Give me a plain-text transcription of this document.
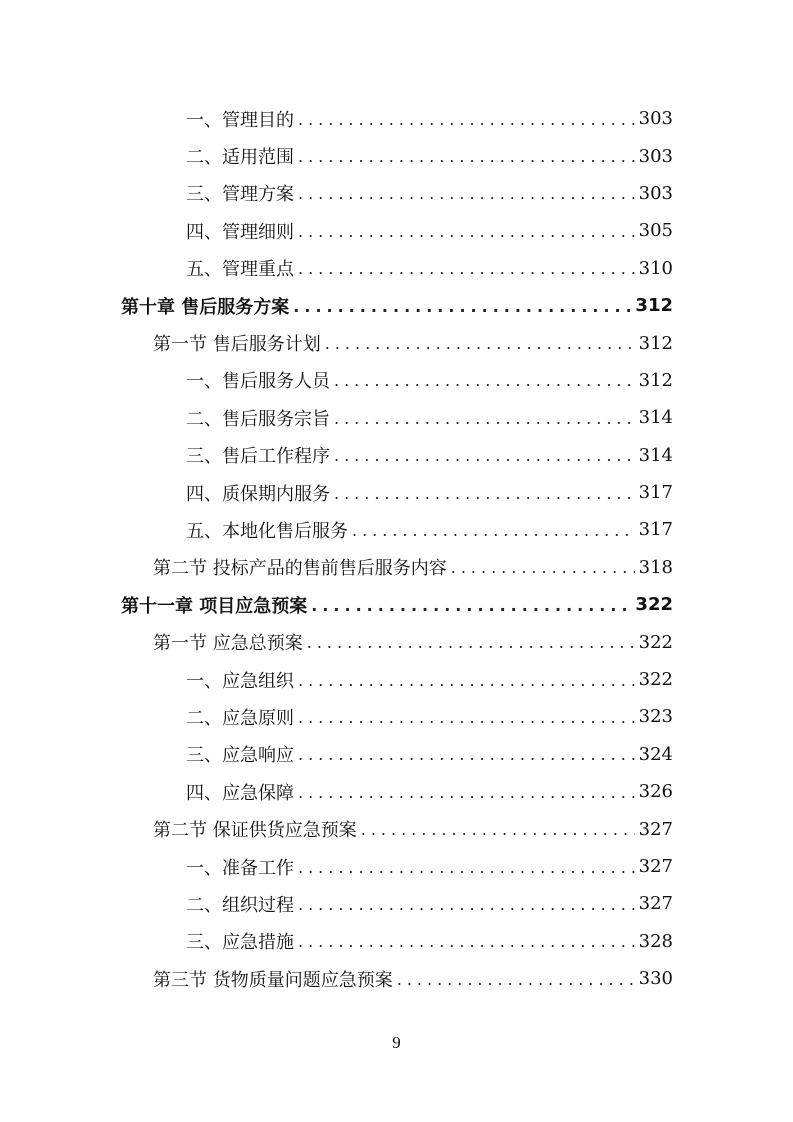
一、管理目的 .....	303
二、适用范围 .....	303
三、管理方案 .....	303
四、管理细则 .....	305
五、管理重点 .....	310
第十章 售后服务方案 .....	312
第一节 售后服务计划 .....	312
一、售后服务人员 .....	312
二、售后服务宗旨 .....	314
三、售后工作程序 .....	314
四、质保期内服务 .....	317
五、本地化售后服务 .....	317
第二节 投标产品的售前售后服务内容 .....	318
第十一章 项目应急预案 .....	322
第一节 应急总预案 .....	322
一、应急组织 .....	322
二、应急原则 .....	323
三、应急响应 .....	324
四、应急保障 .....	326
第二节 保证供货应急预案 .....	327
一、准备工作 .....	327
二、组织过程 .....	327
三、应急措施 .....	328
第三节 货物质量问题应急预案 .....	330
9
